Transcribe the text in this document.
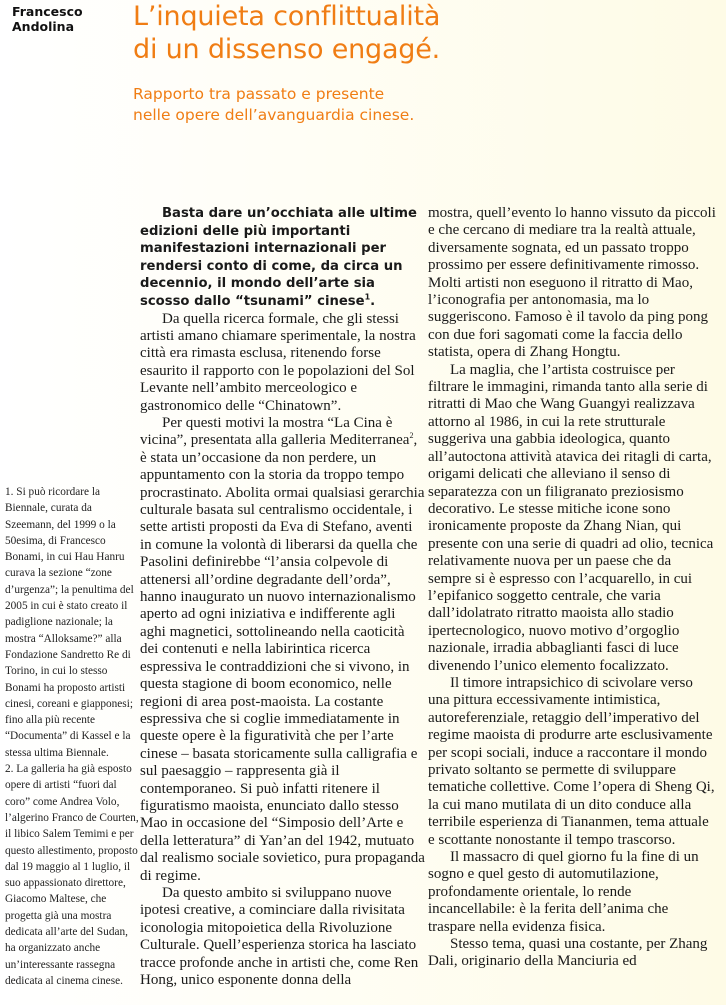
Francesco
Andolina	L’inquieta conflittualità
di un dissenso engagé.
Rapporto tra passato e presente
nelle opere dell’avanguardia cinese.

1. Si può ricordare la Biennale, curata da Szeemann, del 1999 o la 50esima, di Francesco Bonami, in cui Hau Hanru curava la sezione “zone d’urgenza”; la penultima del 2005 in cui è stato creato il padiglione nazionale; la mostra “Alloksame?” alla Fondazione Sandretto Re di Torino, in cui lo stesso Bonami ha proposto artisti cinesi, coreani e giapponesi; fino alla più recente “Documenta” di Kassel e la stessa ultima Biennale.

2. La galleria ha già esposto opere di artisti “fuori dal coro” come Andrea Volo, l’algerino Franco de Courten, il libico Salem Temimi e per questo allestimento, proposto dal 19 maggio al 1 luglio, il suo appassionato direttore, Giacomo Maltese, che progetta già una mostra dedicata all’arte del Sudan, ha organizzato anche un’interessante rassegna dedicata al cinema cinese.

Basta dare un’occhiata alle ultime edizioni delle più importanti manifestazioni internazionali per rendersi conto di come, da circa un decennio, il mondo dell’arte sia scosso dallo “tsunami” cinese$^1$.

Da quella ricerca formale, che gli stessi artisti amano chiamare sperimentale, la nostra città era rimasta esclusa, ritenendo forse esaurito il rapporto con le popolazioni del Sol Levante nell’ambito merceologico e gastronomico delle “Chinatown”.

Per questi motivi la mostra “La Cina è vicina”, presentata alla galleria Mediterranea$^2$, è stata un’occasione da non perdere, un appuntamento con la storia da troppo tempo procrastinato. Abolita ormai qualsiasi gerarchia culturale basata sul centralismo occidentale, i sette artisti proposti da Eva di Stefano, aventi in comune la volontà di liberarsi da quella che Pasolini definirebbe “l’ansia colpevole di attenersi all’ordine degradante dell’orda”, hanno inaugurato un nuovo internazionalismo aperto ad ogni iniziativa e indifferente agli aghi magnetici, sottolineando nella caoticità dei contenuti e nella labirintica ricerca espressiva le contraddizioni che si vivono, in questa stagione di boom economico, nelle regioni di area post-maoista. La costante espressiva che si coglie immediatamente in queste opere è la figuratività che per l’arte cinese – basata storicamente sulla calligrafia e sul paesaggio – rappresenta già il contemporaneo. Si può infatti ritenere il figuratismo maoista, enunciato dallo stesso Mao in occasione del “Simposio dell’Arte e della letteratura” di Yan’an del 1942, mutuato dal realismo sociale sovietico, pura propaganda di regime.

Da questo ambito si sviluppano nuove ipotesi creative, a cominciare dalla rivisitata iconologia mitopoietica della Rivoluzione Culturale. Quell’esperienza storica ha lasciato tracce profonde anche in artisti che, come Ren Hong, unico esponente donna della

mostra, quell’evento lo hanno vissuto da piccoli e che cercano di mediare tra la realtà attuale, diversamente sognata, ed un passato troppo prossimo per essere definitivamente rimosso. Molti artisti non eseguono il ritratto di Mao, l’iconografia per antonomasia, ma lo suggeriscono. Famoso è il tavolo da ping pong con due fori sagomati come la faccia dello statista, opera di Zhang Hongtu.

La maglia, che l’artista costruisce per filtrare le immagini, rimanda tanto alla serie di ritratti di Mao che Wang Guangyi realizzava attorno al 1986, in cui la rete strutturale suggeriva una gabbia ideologica, quanto all’autoctona attività atavica dei ritagli di carta, origami delicati che alleviano il senso di separatezza con un filigranato preziosismo decorativo. Le stesse mitiche icone sono ironicamente proposte da Zhang Nian, qui presente con una serie di quadri ad olio, tecnica relativamente nuova per un paese che da sempre si è espresso con l’acquarello, in cui l’epifanico soggetto centrale, che varia dall’idolatrato ritratto maoista allo stadio ipertecnologico, nuovo motivo d’orgoglio nazionale, irradia abbaglianti fasci di luce divenendo l’unico elemento focalizzato.

Il timore intrapsichico di scivolare verso una pittura eccessivamente intimistica, autoreferenziale, retaggio dell’imperativo del regime maoista di produrre arte esclusivamente per scopi sociali, induce a raccontare il mondo privato soltanto se permette di sviluppare tematiche collettive. Come l’opera di Sheng Qi, la cui mano mutilata di un dito conduce alla terribile esperienza di Tiananmen, tema attuale e scottante nonostante il tempo trascorso.

Il massacro di quel giorno fu la fine di un sogno e quel gesto di automutilazione, profondamente orientale, lo rende incancellabile: è la ferita dell’anima che traspare nella evidenza fisica.

Stesso tema, quasi una costante, per Zhang Dali, originario della Manciuria ed
